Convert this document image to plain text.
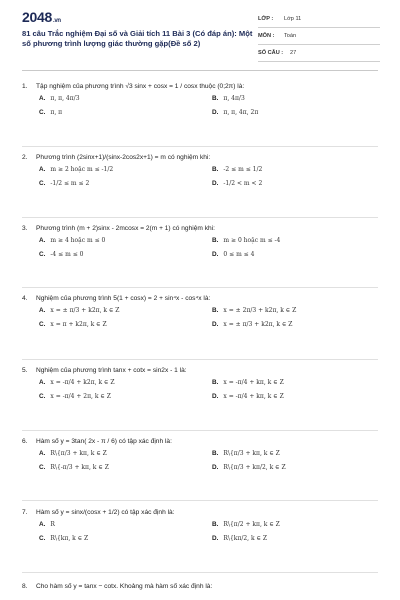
2048.vn
81 câu Trắc nghiệm Đại số và Giải tích 11 Bài 3 (Có đáp án): Một số phương trình lượng giác thường gặp(Đề số 2)
LỚP : Lớp 11
MÔN : Toán
SỐ CÂU : 27
1.	Tập nghiệm của phương trình √3 sinx + cosx = 1 / cosx thuộc (0;2π) là:
A. π, π, 4π/3	B. π, 4π/3
C. π, π	D. π, π, 4π, 2π
2.	Phương trình (2sinx+1)/(sinx-2cos2x+1) = m có nghiệm khi:
A. m ≥ 2 hoặc m ≤ -1/2	B. -2 ≤ m ≤ 1/2
C. -1/2 ≤ m ≤ 2	D. -1/2 < m < 2
3.	Phương trình (m + 2)sinx - 2mcosx = 2(m + 1) có nghiệm khi:
A. m ≥ 4 hoặc m ≤ 0	B. m ≥ 0 hoặc m ≤ -4
C. -4 ≤ m ≤ 0	D. 0 ≤ m ≤ 4
4.	Nghiệm của phương trình 5(1 + cosx) = 2 + sin⁴x - cos⁴x là:
A. x = ± π/3 + k2π, k ∈ Z	B. x = ± 2π/3 + k2π, k ∈ Z
C. x = π + k2π, k ∈ Z	D. x = ± π/3 + k2π, k ∈ Z
5.	Nghiệm của phương trình tanx + cotx = sin2x - 1 là:
A. x = -π/4 + k2π, k ∈ Z	B. x = -π/4 + kπ, k ∈ Z
C. x = -π/4 + 2π, k ∈ Z	D. x = -π/4 + kπ, k ∈ Z
6.	Hàm số y = 3tan( 2x - π / 6) có tập xác định là:
A. R\{π/3 + kπ, k ∈ Z	B. R\{π/3 + kπ, k ∈ Z
C. R\{-π/3 + kπ, k ∈ Z	D. R\{π/3 + kπ/2, k ∈ Z
7.	Hàm số y = sinx/(cosx + 1/2) có tập xác định là:
A. R	B. R\{π/2 + kπ, k ∈ Z
C. R\{kπ, k ∈ Z	D. R\{kπ/2, k ∈ Z
8.	Cho hàm số y = tanx − cotx. Khoảng mà hàm số xác định là:
